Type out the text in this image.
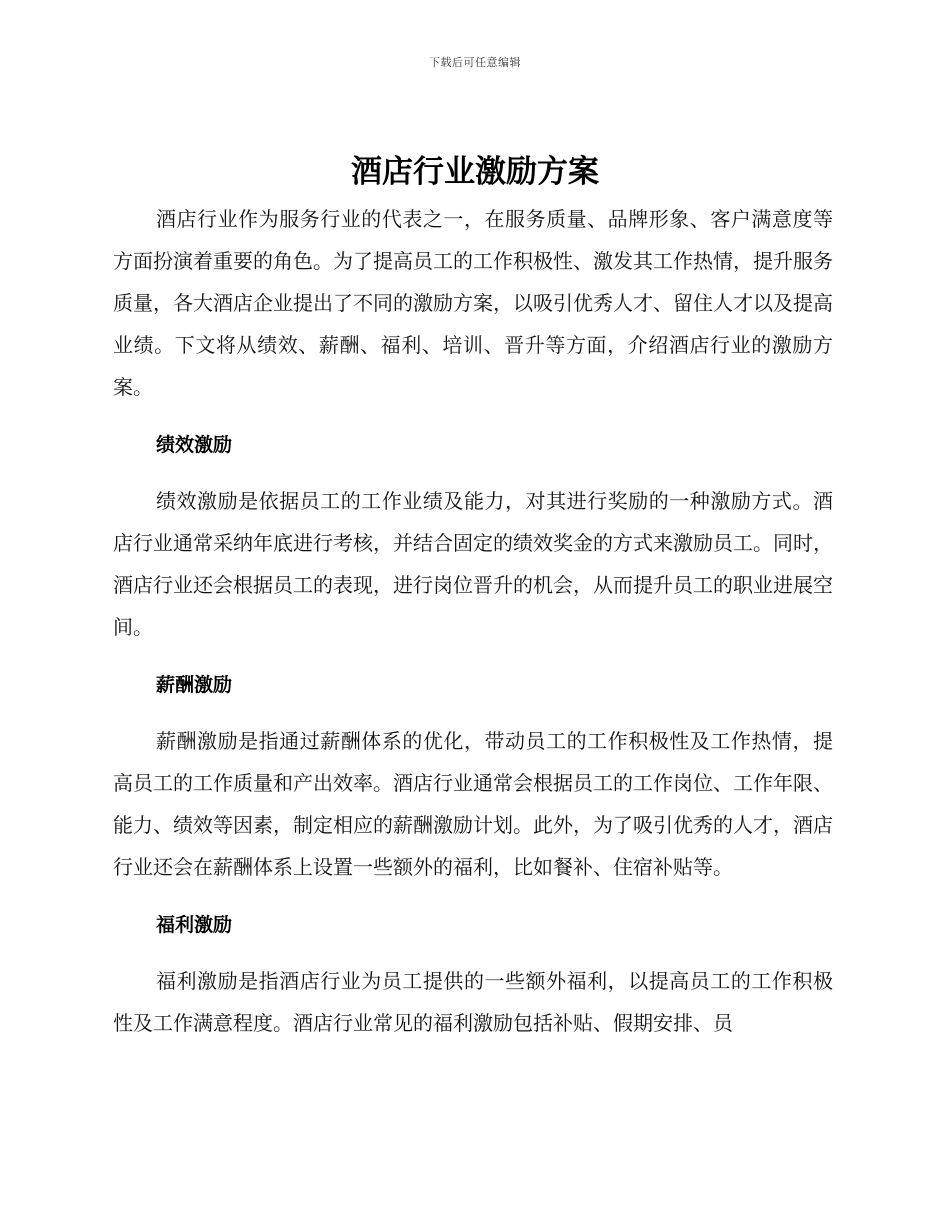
下载后可任意编辑
酒店行业激励方案

酒店行业作为服务行业的代表之一，在服务质量、品牌形象、客户满意度等方面扮演着重要的角色。为了提高员工的工作积极性、激发其工作热情，提升服务质量，各大酒店企业提出了不同的激励方案，以吸引优秀人才、留住人才以及提高业绩。下文将从绩效、薪酬、福利、培训、晋升等方面，介绍酒店行业的激励方案。

绩效激励

绩效激励是依据员工的工作业绩及能力，对其进行奖励的一种激励方式。酒店行业通常采纳年底进行考核，并结合固定的绩效奖金的方式来激励员工。同时，酒店行业还会根据员工的表现，进行岗位晋升的机会，从而提升员工的职业进展空间。

薪酬激励

薪酬激励是指通过薪酬体系的优化，带动员工的工作积极性及工作热情，提高员工的工作质量和产出效率。酒店行业通常会根据员工的工作岗位、工作年限、能力、绩效等因素，制定相应的薪酬激励计划。此外，为了吸引优秀的人才，酒店行业还会在薪酬体系上设置一些额外的福利，比如餐补、住宿补贴等。

福利激励

福利激励是指酒店行业为员工提供的一些额外福利，以提高员工的工作积极性及工作满意程度。酒店行业常见的福利激励包括补贴、假期安排、员
